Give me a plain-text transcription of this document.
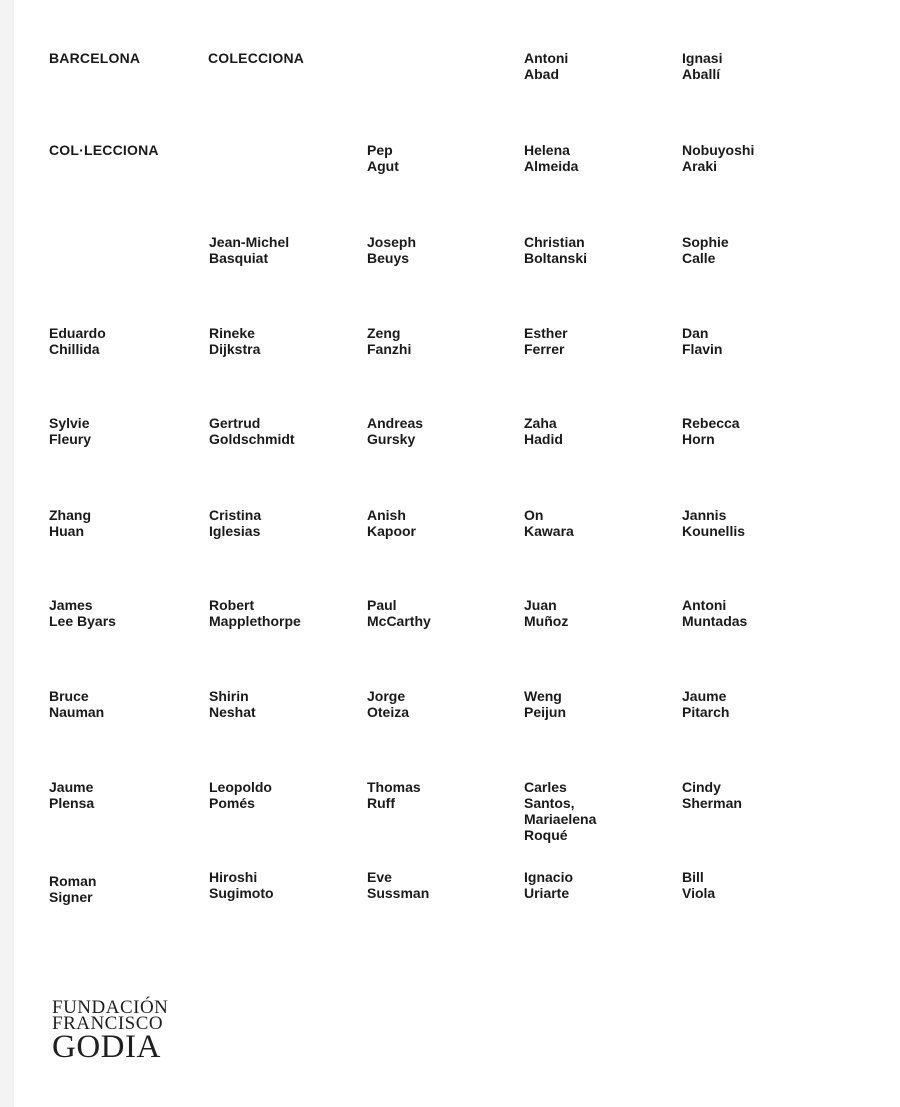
BARCELONA	COLECCIONA
COL·LECCIONA
Antoni
Abad
Ignasi
Aballí
Pep
Agut
Helena
Almeida
Nobuyoshi
Araki
Jean-Michel
Basquiat
Joseph
Beuys
Christian
Boltanski
Sophie
Calle
Eduardo
Chillida
Rineke
Dijkstra
Zeng
Fanzhi
Esther
Ferrer
Dan
Flavin
Sylvie
Fleury
Gertrud
Goldschmidt
Andreas
Gursky
Zaha
Hadid
Rebecca
Horn
Zhang
Huan
Cristina
Iglesias
Anish
Kapoor
On
Kawara
Jannis
Kounellis
James
Lee Byars
Robert
Mapplethorpe
Paul
McCarthy
Juan
Muñoz
Antoni
Muntadas
Bruce
Nauman
Shirin
Neshat
Jorge
Oteiza
Weng
Peijun
Jaume
Pitarch
Jaume
Plensa
Leopoldo
Pomés
Thomas
Ruff
Carles
Santos,
Mariaelena
Roqué
Cindy
Sherman
Roman
Signer
Hiroshi
Sugimoto
Eve
Sussman
Ignacio
Uriarte
Bill
Viola
FUNDACIÓN
FRANCISCO
GODIA
